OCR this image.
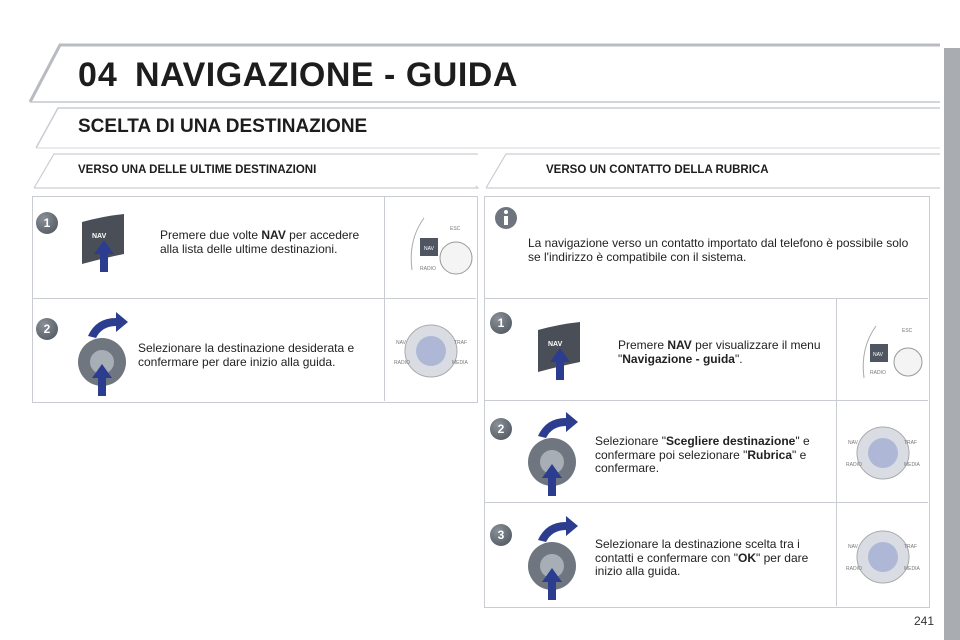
04 NAVIGAZIONE - GUIDA
SCELTA DI UNA DESTINAZIONE
VERSO UNA DELLE ULTIME DESTINAZIONI	VERSO UN CONTATTO DELLA RUBRICA
1
NAV	Premere due volte NAV per accedere alla lista delle ultime destinazioni.	NAV
ESC
RADIO
2
Selezionare la destinazione desiderata e confermare per dare inizio alla guida.
NAV	TRAF
RADIO	MEDIA
La navigazione verso un contatto importato dal telefono è possibile solo se l'indirizzo è compatibile con il sistema.
1
NAV	Premere NAV per visualizzare il menu "Navigazione - guida".	NAV
ESC
RADIO
2
Selezionare "Scegliere destinazione" e confermare poi selezionare "Rubrica" e confermare.
NAV	TRAF
RADIO	MEDIA
3
Selezionare la destinazione scelta tra i contatti e confermare con "OK" per dare inizio alla guida.
NAV	TRAF
RADIO	MEDIA
241
